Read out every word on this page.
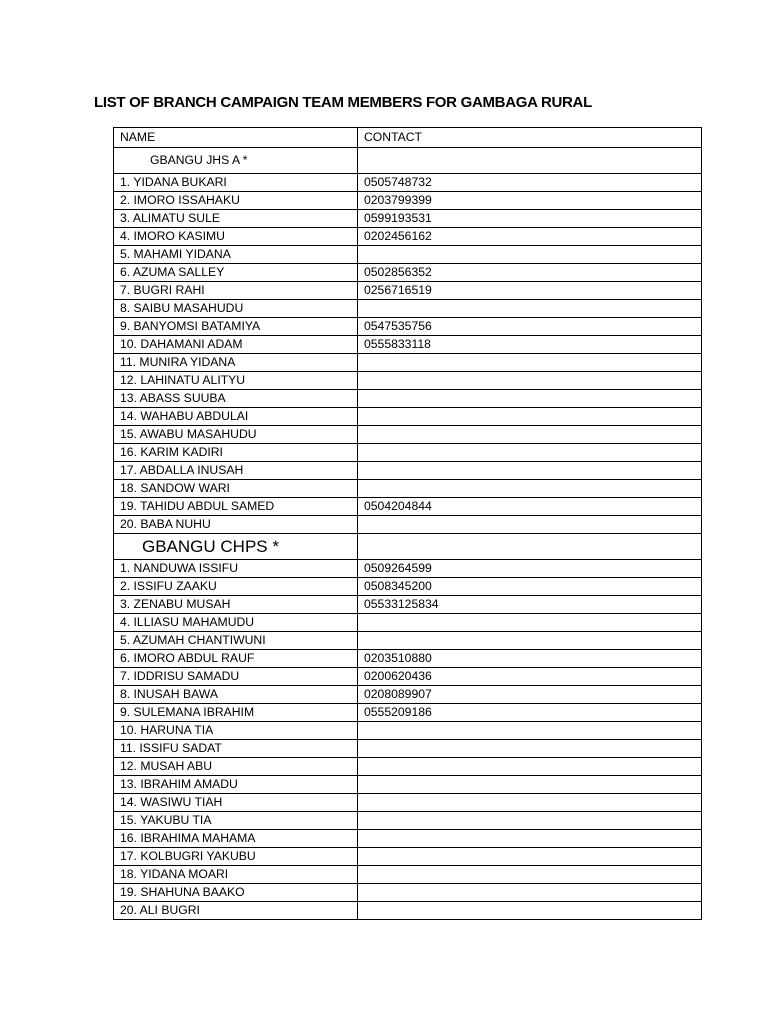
LIST OF BRANCH CAMPAIGN TEAM MEMBERS FOR GAMBAGA RURAL
NAME	CONTACT
GBANGU JHS A *	
1. YIDANA BUKARI	0505748732
2. IMORO ISSAHAKU	0203799399
3. ALIMATU SULE	0599193531
4. IMORO KASIMU	0202456162
5. MAHAMI YIDANA	
6. AZUMA SALLEY	0502856352
7. BUGRI RAHI	0256716519
8. SAIBU MASAHUDU	
9. BANYOMSI BATAMIYA	0547535756
10. DAHAMANI ADAM	0555833118
11. MUNIRA YIDANA	
12. LAHINATU ALITYU	
13. ABASS SUUBA	
14. WAHABU ABDULAI	
15. AWABU MASAHUDU	
16. KARIM KADIRI	
17. ABDALLA INUSAH	
18. SANDOW WARI	
19. TAHIDU ABDUL SAMED	0504204844
20. BABA NUHU	
GBANGU CHPS *	
1. NANDUWA ISSIFU	0509264599
2. ISSIFU ZAAKU	0508345200
3. ZENABU MUSAH	05533125834
4. ILLIASU MAHAMUDU	
5. AZUMAH CHANTIWUNI	
6. IMORO ABDUL RAUF	0203510880
7. IDDRISU SAMADU	0200620436
8. INUSAH BAWA	0208089907
9. SULEMANA IBRAHIM	0555209186
10. HARUNA TIA	
11. ISSIFU SADAT	
12. MUSAH ABU	
13. IBRAHIM AMADU	
14. WASIWU TIAH	
15. YAKUBU TIA	
16. IBRAHIMA MAHAMA	
17. KOLBUGRI YAKUBU	
18. YIDANA MOARI	
19. SHAHUNA BAAKO	
20. ALI BUGRI	
